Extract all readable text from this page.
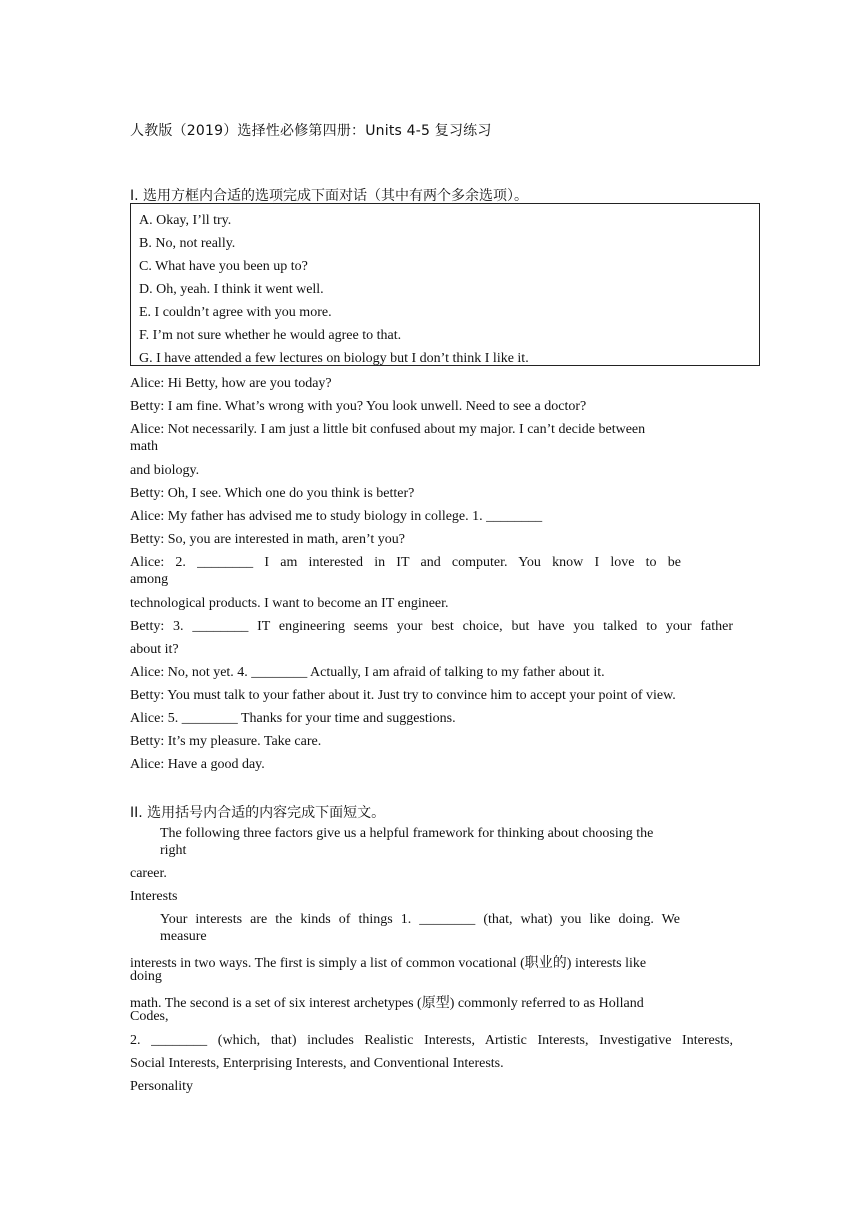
人教版（2019）选择性必修第四册：Units 4-5 复习练习
I. 选用方框内合适的选项完成下面对话（其中有两个多余选项）。
A. Okay, I’ll try.
B. No, not really.
C. What have you been up to?
D. Oh, yeah. I think it went well.
E. I couldn’t agree with you more.
F. I’m not sure whether he would agree to that.
G. I have attended a few lectures on biology but I don’t think I like it.
Alice: Hi Betty, how are you today?
Betty: I am fine. What’s wrong with you? You look unwell. Need to see a doctor?
Alice: Not necessarily. I am just a little bit confused about my major. I can’t decide between
math
and biology.
Betty: Oh, I see. Which one do you think is better?
Alice: My father has advised me to study biology in college. 1. ________
Betty: So, you are interested in math, aren’t you?
Alice: 2. ________ I am interested in IT and computer. You know I love to be
among
technological products. I want to become an IT engineer.
Betty: 3. ________ IT engineering seems your best choice, but have you talked to your father
about it?
Alice: No, not yet. 4. ________ Actually, I am afraid of talking to my father about it.
Betty: You must talk to your father about it. Just try to convince him to accept your point of view.
Alice: 5. ________ Thanks for your time and suggestions.
Betty: It’s my pleasure. Take care.
Alice: Have a good day.
II. 选用括号内合适的内容完成下面短文。
The following three factors give us a helpful framework for thinking about choosing the
right
career.
Interests
Your interests are the kinds of things 1. ________ (that, what) you like doing. We
measure
interests in two ways. The first is simply a list of common vocational (职业的) interests like
doing
math. The second is a set of six interest archetypes (原型) commonly referred to as Holland
Codes,
2. ________ (which, that) includes Realistic Interests, Artistic Interests, Investigative Interests,
Social Interests, Enterprising Interests, and Conventional Interests.
Personality
